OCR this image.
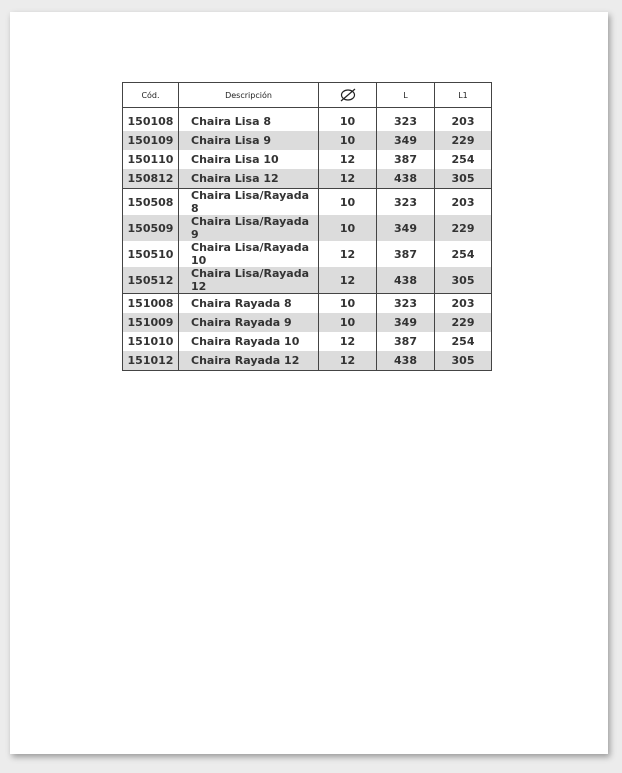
Cód.	Descripción		L	L1

150108	Chaira Lisa 8	10	323	203
150109	Chaira Lisa 9	10	349	229
150110	Chaira Lisa 10	12	387	254
150812	Chaira Lisa 12	12	438	305
150508	Chaira Lisa/Rayada 8	10	323	203
150509	Chaira Lisa/Rayada 9	10	349	229
150510	Chaira Lisa/Rayada 10	12	387	254
150512	Chaira Lisa/Rayada 12	12	438	305
151008	Chaira Rayada 8	10	323	203
151009	Chaira Rayada 9	10	349	229
151010	Chaira Rayada 10	12	387	254
151012	Chaira Rayada 12	12	438	305
